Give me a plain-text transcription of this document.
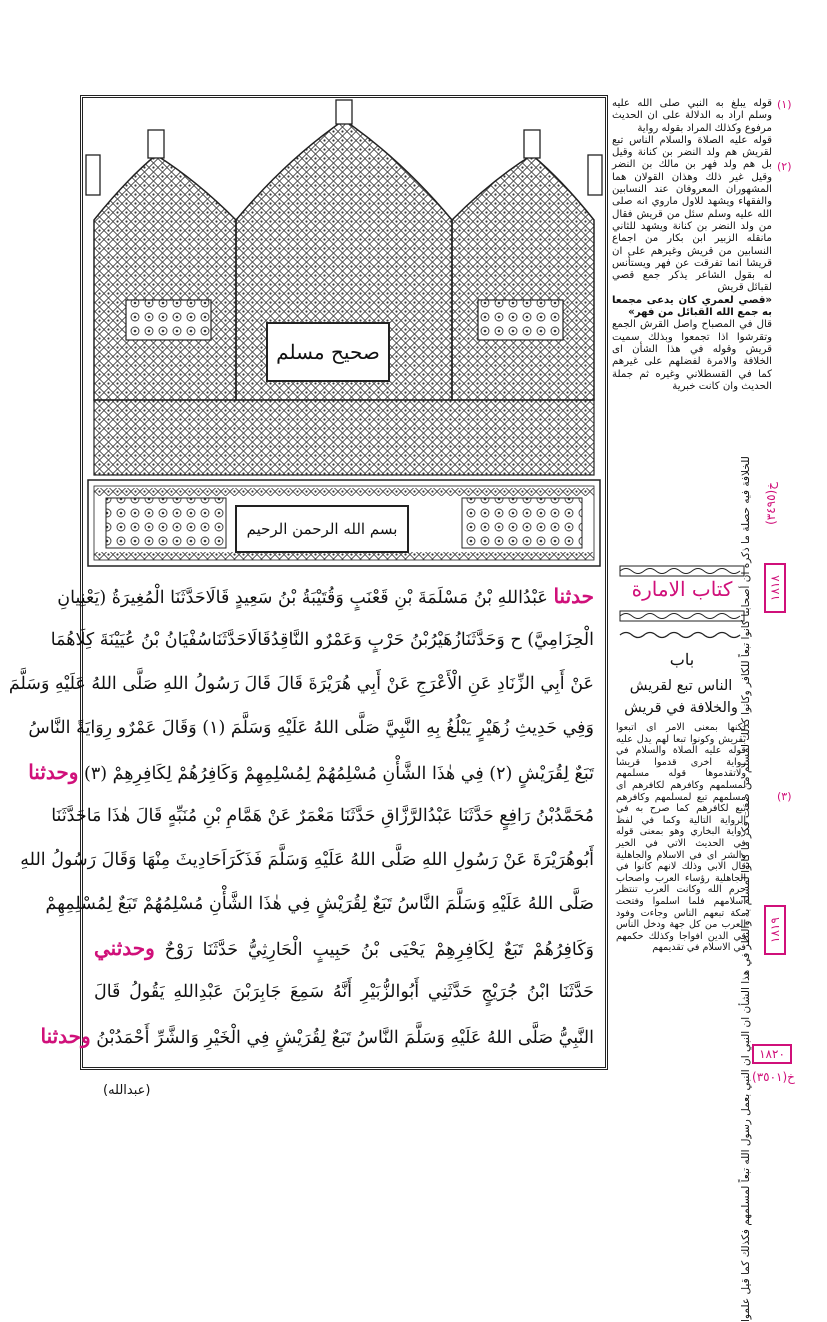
صحيح مسلم
بسم الله الرحمن الرحيم
حدثنا عَبْدُاللهِ بْنُ مَسْلَمَةَ بْنِ قَعْنَبٍ وَقُتَيْبَةُ بْنُ سَعِيدٍ قَالَاحَدَّثَنَا الْمُغِيرَةُ (يَعْنِيانِ
الْحِزَامِيَّ) ح وَحَدَّثَنَازُهَيْرُبْنُ حَرْبٍ وَعَمْرٌو النَّاقِدُقَالَاحَدَّثَنَاسُفْيَانُ بْنُ عُيَيْنَةَ كِلَاهُمَا
عَنْ أَبِي الزِّنَادِ عَنِ الْأَعْرَجِ عَنْ أَبِي هُرَيْرَةَ قَالَ قَالَ رَسُولُ اللهِ صَلَّى اللهُ عَلَيْهِ وَسَلَّمَ
وَفِي حَدِيثِ زُهَيْرٍ يَبْلُغُ بِهِ النَّبِيَّ صَلَّى اللهُ عَلَيْهِ وَسَلَّمَ (١) وَقَالَ عَمْرٌو رِوَايَةً النَّاسُ
تَبَعٌ لِقُرَيْشٍ (٢) فِي هٰذَا الشَّأْنِ مُسْلِمُهُمْ لِمُسْلِمِهِمْ وَكَافِرُهُمْ لِكَافِرِهِمْ (٣) وحدثنا
مُحَمَّدُبْنُ رَافِعٍ حَدَّثَنَا عَبْدُالرَّزَّاقِ حَدَّثَنَا مَعْمَرٌ عَنْ هَمَّامِ بْنِ مُنَبِّهٍ قَالَ هٰذَا مَاحَدَّثَنَا
أَبُوهُرَيْرَةَ عَنْ رَسُولِ اللهِ صَلَّى اللهُ عَلَيْهِ وَسَلَّمَ فَذَكَرَاَحَادِيثَ مِنْهَا وَقَالَ رَسُولُ اللهِ
صَلَّى اللهُ عَلَيْهِ وَسَلَّمَ النَّاسُ تَبَعٌ لِقُرَيْشٍ فِي هٰذَا الشَّأْنِ مُسْلِمُهُمْ تَبَعٌ لِمُسْلِمِهِمْ
وَكَافِرُهُمْ تَبَعٌ لِكَافِرِهِمْ يَحْيَى بْنُ حَبِيبٍ الْحَارِثِيُّ حَدَّثَنَا رَوْحٌ وحدثني
حَدَّثَنَا ابْنُ جُرَيْجٍ حَدَّثَنِي أَبُوالزُّبَيْرِ أَنَّهُ سَمِعَ جَابِرَبْنَ عَبْدِاللهِ يَقُولُ قَالَ
النَّبِيُّ صَلَّى اللهُ عَلَيْهِ وَسَلَّمَ النَّاسُ تَبَعٌ لِقُرَيْشٍ فِي الْخَيْرِ وَالشَّرِّ أَحْمَدُبْنُ وحدثنا
(١)
(٢)
قوله يبلغ به النبي صلى الله عليه وسلم اراد به الدلالة على ان الحديث مرفوع وكذلك المراد بقوله رواية
قوله عليه الصلاة والسلام الناس تبع لقريش هم ولد النضر بن كنانة وقيل بل هم ولد فهر بن مالك بن النضر وقيل غير ذلك وهذان القولان هما المشهوران المعروفان عند النسابين والفقهاء ويشهد للاول ماروي انه صلى الله عليه وسلم سئل من قريش فقال من ولد النضر بن كنانة ويشهد للثاني مانقله الزبير ابن بكار من اجماع النسابين من قريش وغيرهم على ان قريشا انما تفرقت عن فهر ويستأنس له بقول الشاعر يذكر جمع قصي لقبائل قريش
«قصي لعمري كان يدعى مجمعا به جمع الله القبائل من فهر»
قال في المصباح واصل القرش الجمع وتقرشوا اذا تجمعوا وبذلك سميت قريش وقوله في هذا الشأن اى الخلافة والامرة لفضلهم على غيرهم كما في القسطلاني وغيره ثم جملة الحديث وان كانت خبرية
كتاب الامارة
باب
الناس تبع لقريش
والخلافة في قريش
لكنها بمعنى الامر اى اتبعوا بقريش وكونوا تبعا لهم يدل عليه قوله عليه الصلاة والسلام في رواية اخرى قدموا قريشا ولاتقدموها قوله مسلمهم لمسلمهم وكافرهم لكافرهم اى مسلمهم تبع لمسلمهم وكافرهم تبع لكافرهم كما صرح به في الرواية التالية وكما في لفظ رواية البخاري وهو بمعنى قوله في الحديث الاتي في الخير والشر اى في الاسلام والجاهلية قال الابي وذلك لانهم كانوا في الجاهلية رؤساء العرب واصحاب حرم الله وكانت العرب تنتظر اسلامهم فلما اسلموا وفتحت مكة تبعهم الناس وجاءت وفود العرب من كل جهة ودخل الناس في الدين افواجا وكذلك حكمهم في الاسلام في تقديمهم
(٣)
للخلافة فيه حصلة ما ذكره ان أصحابنا كانوا تبعاً للكافر وكانوا كذلك لمسلم من صفت فكر ما كانوا لمسلم به والنظر في هذا الشأن ان النبي ان النبي بعمل رسول الله تبعاً لمسلمهم فكذلك كما قيل علموا	١٨١٨
خ(٣٤٩٥)
١٨١٩
١٨٢٠
خ(٣٥٠١)
(عبدالله)
